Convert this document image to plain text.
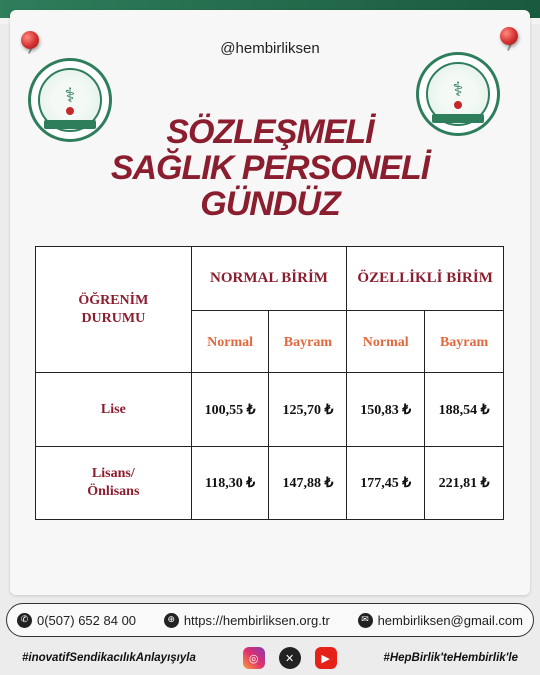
⚕	⚕
@hembirliksen
SÖZLEŞMELİ
SAĞLIK PERSONELİ
GÜNDÜZ
ÖĞRENİM DURUMU	NORMAL BİRİM		ÖZELLİKLİ BİRİM	
	Normal	Bayram	Normal	Bayram
Lise	100,55 ₺	125,70 ₺	150,83 ₺	188,54 ₺
Lisans/ Önlisans	118,30 ₺	147,88 ₺	177,45 ₺	221,81 ₺
✆ 0(507) 652 84 00	⊕ https://hembirliksen.org.tr	✉ hembirliksen@gmail.com
#inovatifSendikacılıkAnlayışıyla	◎	✕	▶	#HepBirlik'teHembirlik'le
